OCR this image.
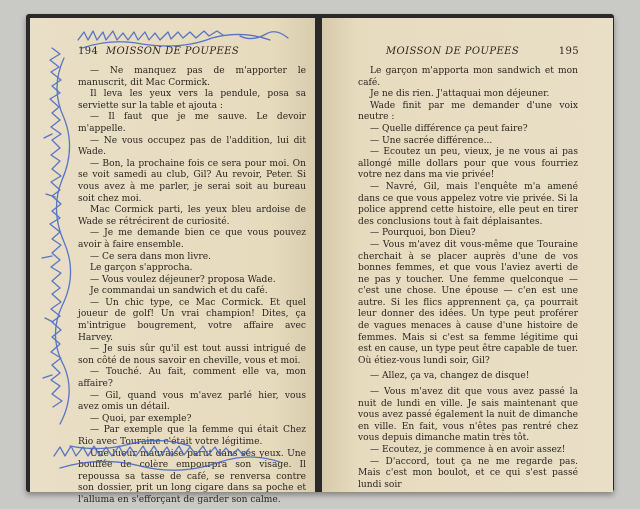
194 MOISSON DE POUPEES

— Ne manquez pas de m'apporter le manuscrit, dit Mac Cormick.

Il leva les yeux vers la pendule, posa sa serviette sur la table et ajouta :

— Il faut que je me sauve. Le devoir m'appelle.

— Ne vous occupez pas de l'addition, lui dit Wade.

— Bon, la prochaine fois ce sera pour moi. On se voit samedi au club, Gil? Au revoir, Peter. Si vous avez à me parler, je serai soit au bureau soit chez moi.

Mac Cormick parti, les yeux bleu ardoise de Wade se rétrécirent de curiosité.

— Je me demande bien ce que vous pouvez avoir à faire ensemble.

— Ce sera dans mon livre.

Le garçon s'approcha.

— Vous voulez déjeuner? proposa Wade.

Je commandai un sandwich et du café.

— Un chic type, ce Mac Cormick. Et quel joueur de golf! Un vrai champion! Dites, ça m'intrigue bougrement, votre affaire avec Harvey.

— Je suis sûr qu'il est tout aussi intrigué de son côté de nous savoir en cheville, vous et moi.

— Touché. Au fait, comment elle va, mon affaire?

— Gil, quand vous m'avez parlé hier, vous avez omis un détail.

— Quoi, par exemple?

— Par exemple que la femme qui était Chez Rio avec Touraine c'était votre légitime.

Une lueur mauvaise parut dans ses yeux. Une bouffée de colère empourpra son visage. Il repoussa sa tasse de café, se renversa contre son dossier, prit un long cigare dans sa poche et l'alluma en s'efforçant de garder son calme.

MOISSON DE POUPEES	195

Le garçon m'apporta mon sandwich et mon café.

Je ne dis rien. J'attaquai mon déjeuner.

Wade finit par me demander d'une voix neutre :

— Quelle différence ça peut faire?

— Une sacrée différence...

— Ecoutez un peu, vieux, je ne vous ai pas allongé mille dollars pour que vous fourriez votre nez dans ma vie privée!

— Navré, Gil, mais l'enquête m'a amené dans ce que vous appelez votre vie privée. Si la police apprend cette histoire, elle peut en tirer des conclusions tout à fait déplaisantes.

— Pourquoi, bon Dieu?

— Vous m'avez dit vous-même que Touraine cherchait à se placer auprès d'une de vos bonnes femmes, et que vous l'aviez averti de ne pas y toucher. Une femme quelconque — c'est une chose. Une épouse — c'en est une autre. Si les flics apprennent ça, ça pourrait leur donner des idées. Un type peut proférer de vagues menaces à cause d'une histoire de femmes. Mais si c'est sa femme légitime qui est en cause, un type peut être capable de tuer. Où étiez-vous lundi soir, Gil?

— Allez, ça va, changez de disque!

— Vous m'avez dit que vous avez passé la nuit de lundi en ville. Je sais maintenant que vous avez passé également la nuit de dimanche en ville. En fait, vous n'êtes pas rentré chez vous depuis dimanche matin très tôt.

— Ecoutez, je commence à en avoir assez!

— D'accord, tout ça ne me regarde pas. Mais c'est mon boulot, et ce qui s'est passé lundi soir
